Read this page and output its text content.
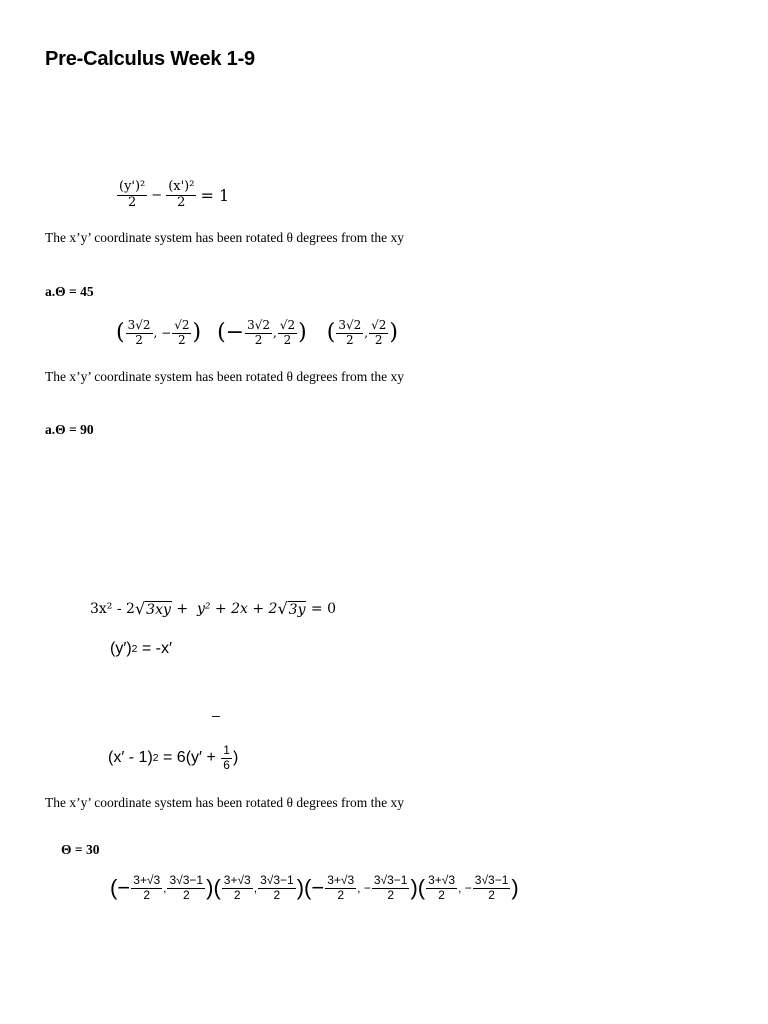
Pre-Calculus Week 1-9
$\frac{\text{(y')²}}{2} - \frac{\text{(x')²}}{2} = 1$
The x’y’ coordinate system has been rotated θ degrees from the xy
a.Θ = 45
( $\frac{3√2}{2}$ , − $\frac{√2}{2}$ ) (− $\frac{3√2}{2}$ , $\frac{√2}{2}$ ) ( $\frac{3√2}{2}$ , $\frac{√2}{2}$ )
The x’y’ coordinate system has been rotated θ degrees from the xy
a.Θ = 90
3x² - 2 √3xy +  y² + 2x + 2 √3y = 0
(y′) 2 = -x′
–
(x′ - 1) $2 = 6(y' + \frac{1}{6}$ )
The x’y’ coordinate system has been rotated θ degrees from the xy
Θ = 30
(− $\frac{3+√3}{2}$ , $\frac{3√3-1}{2}$ ) ( $\frac{3+√3}{2}$ , $\frac{3√3-1}{2}$ ) (− $\frac{3+√3}{2}$ , − $\frac{3√3-1}{2}$ ) ( $\frac{3+√3}{2}$ , − $\frac{3√3-1}{2}$ )
